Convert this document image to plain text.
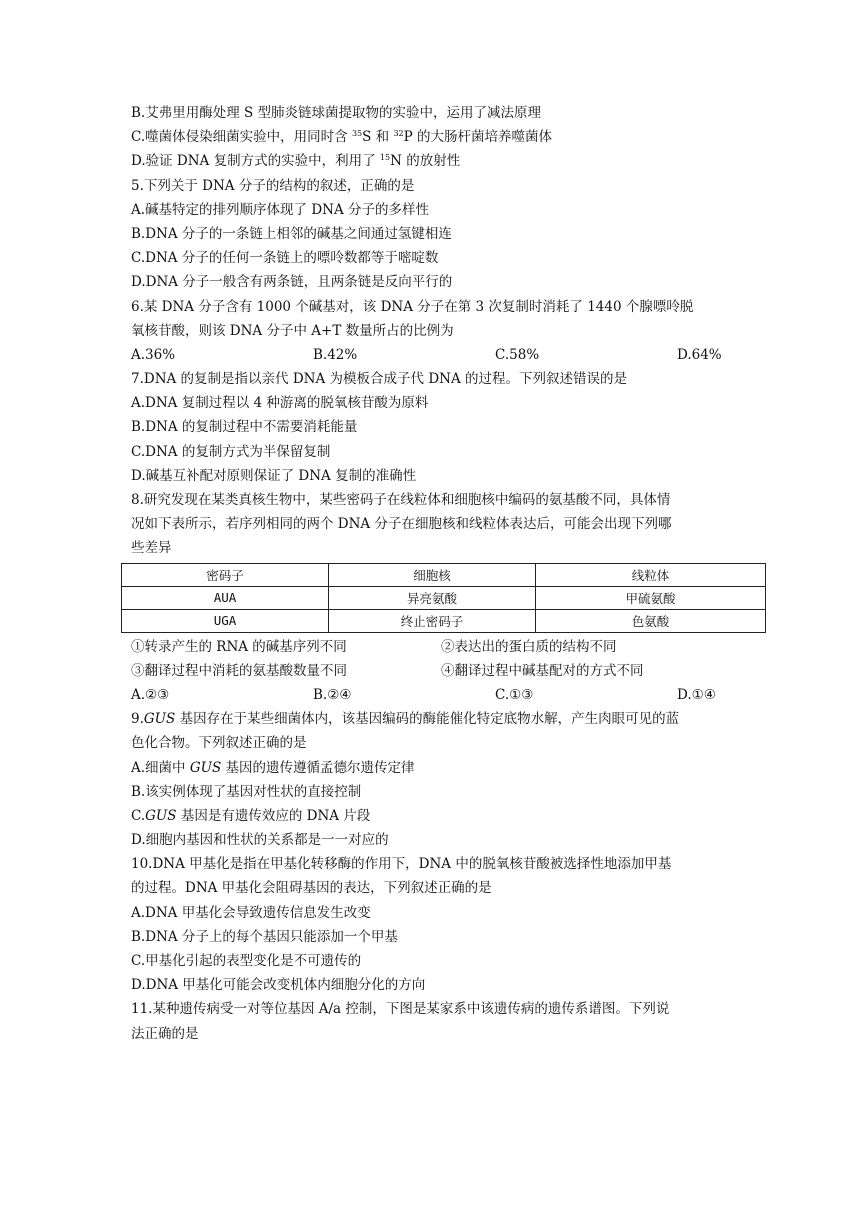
B.艾弗里用酶处理 S 型肺炎链球菌提取物的实验中，运用了减法原理
C.噬菌体侵染细菌实验中，用同时含 $^{35}$S 和 $^{32}$P 的大肠杆菌培养噬菌体
D.验证 DNA 复制方式的实验中，利用了 $^{15}$N 的放射性
5.下列关于 DNA 分子的结构的叙述，正确的是
A.碱基特定的排列顺序体现了 DNA 分子的多样性
B.DNA 分子的一条链上相邻的碱基之间通过氢键相连
C.DNA 分子的任何一条链上的嘌呤数都等于嘧啶数
D.DNA 分子一般含有两条链，且两条链是反向平行的
6.某 DNA 分子含有 1000 个碱基对，该 DNA 分子在第 3 次复制时消耗了 1440 个腺嘌呤脱
氧核苷酸，则该 DNA 分子中 A+T 数量所占的比例为
A.36%	B.42%	C.58%	D.64%
7.DNA 的复制是指以亲代 DNA 为模板合成子代 DNA 的过程。下列叙述错误的是
A.DNA 复制过程以 4 种游离的脱氧核苷酸为原料
B.DNA 的复制过程中不需要消耗能量
C.DNA 的复制方式为半保留复制
D.碱基互补配对原则保证了 DNA 复制的准确性
8.研究发现在某类真核生物中，某些密码子在线粒体和细胞核中编码的氨基酸不同，具体情
况如下表所示，若序列相同的两个 DNA 分子在细胞核和线粒体表达后，可能会出现下列哪
些差异
密码子	细胞核	线粒体
AUA	异亮氨酸	甲硫氨酸
UGA	终止密码子	色氨酸
①转录产生的 RNA 的碱基序列不同	②表达出的蛋白质的结构不同
③翻译过程中消耗的氨基酸数量不同	④翻译过程中碱基配对的方式不同
A.②③	B.②④	C.①③	D.①④
9.GUS 基因存在于某些细菌体内，该基因编码的酶能催化特定底物水解，产生肉眼可见的蓝
色化合物。下列叙述正确的是
A.细菌中 GUS 基因的遗传遵循孟德尔遗传定律
B.该实例体现了基因对性状的直接控制
C.GUS 基因是有遗传效应的 DNA 片段
D.细胞内基因和性状的关系都是一一对应的
10.DNA 甲基化是指在甲基化转移酶的作用下，DNA 中的脱氧核苷酸被选择性地添加甲基
的过程。DNA 甲基化会阻碍基因的表达，下列叙述正确的是
A.DNA 甲基化会导致遗传信息发生改变
B.DNA 分子上的每个基因只能添加一个甲基
C.甲基化引起的表型变化是不可遗传的
D.DNA 甲基化可能会改变机体内细胞分化的方向
11.某种遗传病受一对等位基因 A/a 控制，下图是某家系中该遗传病的遗传系谱图。下列说
法正确的是
